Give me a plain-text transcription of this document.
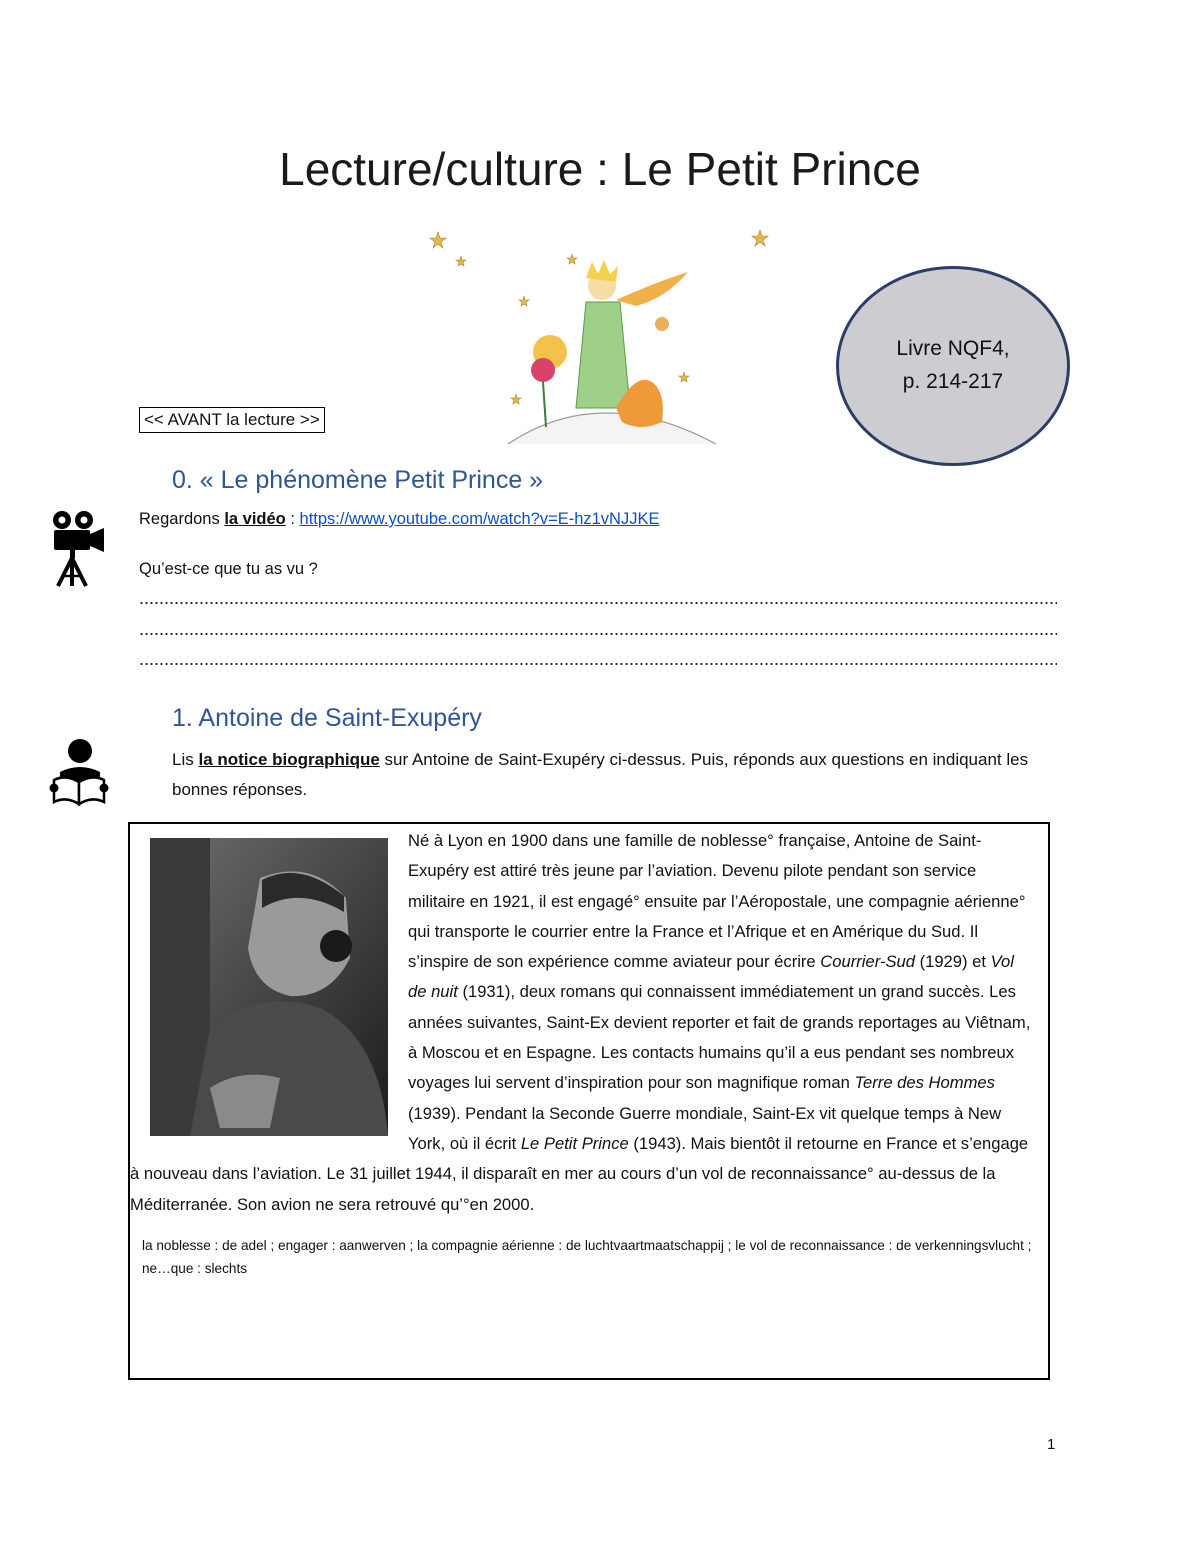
Lecture/culture : Le Petit Prince
Livre NQF4,
p. 214-217
<< AVANT la lecture >>
0. « Le phénomène Petit Prince »
Regardons la vidéo : https://www.youtube.com/watch?v=E-hz1vNJJKE
Qu’est-ce que tu as vu ?
1. Antoine de Saint-Exupéry
Lis la notice biographique sur Antoine de Saint-Exupéry ci-dessus. Puis, réponds aux questions en indiquant les bonnes réponses.

Né à Lyon en 1900 dans une famille de noblesse° française, Antoine de Saint-Exupéry est attiré très jeune par l’aviation. Devenu pilote pendant son service militaire en 1921, il est engagé° ensuite par l’Aéropostale, une compagnie aérienne° qui transporte le courrier entre la France et l’Afrique et en Amérique du Sud. Il s’inspire de son expérience comme aviateur pour écrire Courrier-Sud (1929) et Vol de nuit (1931), deux romans qui connaissent immédiatement un grand succès. Les années suivantes, Saint-Ex devient reporter et fait de grands reportages au Viêtnam, à Moscou et en Espagne. Les contacts humains qu’il a eus pendant ses nombreux voyages lui servent d’inspiration pour son magnifique roman Terre des Hommes (1939). Pendant la Seconde Guerre mondiale, Saint-Ex vit quelque temps à New York, où il écrit Le Petit Prince (1943). Mais bientôt il retourne en France et s’engage à nouveau dans l’aviation. Le 31 juillet 1944, il disparaît en mer au cours d’un vol de reconnaissance° au-dessus de la Méditerranée. Son avion ne sera retrouvé qu’°en 2000.

la noblesse : de adel ; engager : aanwerven ; la compagnie aérienne : de luchtvaartmaatschappij ; le vol de reconnaissance : de verkenningsvlucht ; ne…que : slechts
1
